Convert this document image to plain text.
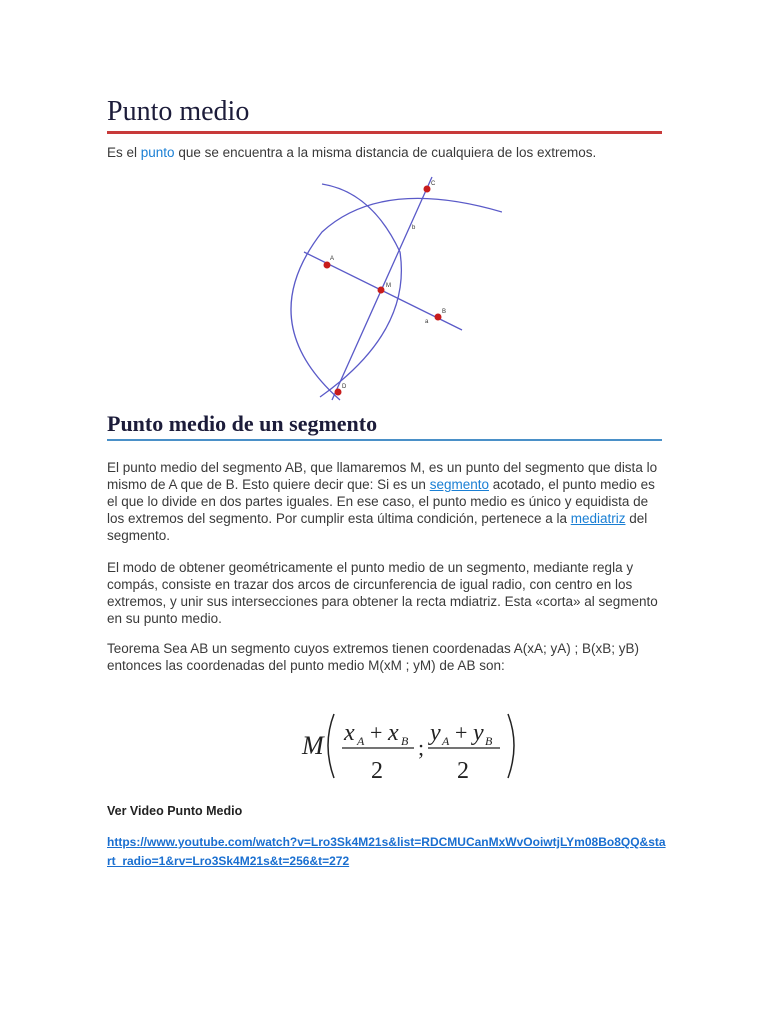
Punto medio

Es el punto que se encuentra a la misma distancia de cualquiera de los extremos.

A
B
C
D
M
b
a
Punto medio de un segmento

El punto medio del segmento AB, que llamaremos M, es un punto del segmento que dista lo mismo de A que de B. Esto quiere decir que: Si es un segmento acotado, el punto medio es el que lo divide en dos partes iguales. En ese caso, el punto medio es único y equidista de los extremos del segmento. Por cumplir esta última condición, pertenece a la mediatriz del segmento.

El modo de obtener geométricamente el punto medio de un segmento, mediante regla y compás, consiste en trazar dos arcos de circunferencia de igual radio, con centro en los extremos, y unir sus intersecciones para obtener la recta mdiatriz. Esta «corta» al segmento en su punto medio.

Teorema Sea AB un segmento cuyos extremos tienen coordenadas A(xA; yA) ; B(xB; yB) entonces las coordenadas del punto medio M(xM ; yM) de AB son:

M x A + x B
2
;
y A + y B
2

Ver Video Punto Medio

https://www.youtube.com/watch?v=Lro3Sk4M21s&list=RDCMUCanMxWvOoiwtjLYm08Bo8QQ&start_radio=1&rv=Lro3Sk4M21s&t=256&t=272
